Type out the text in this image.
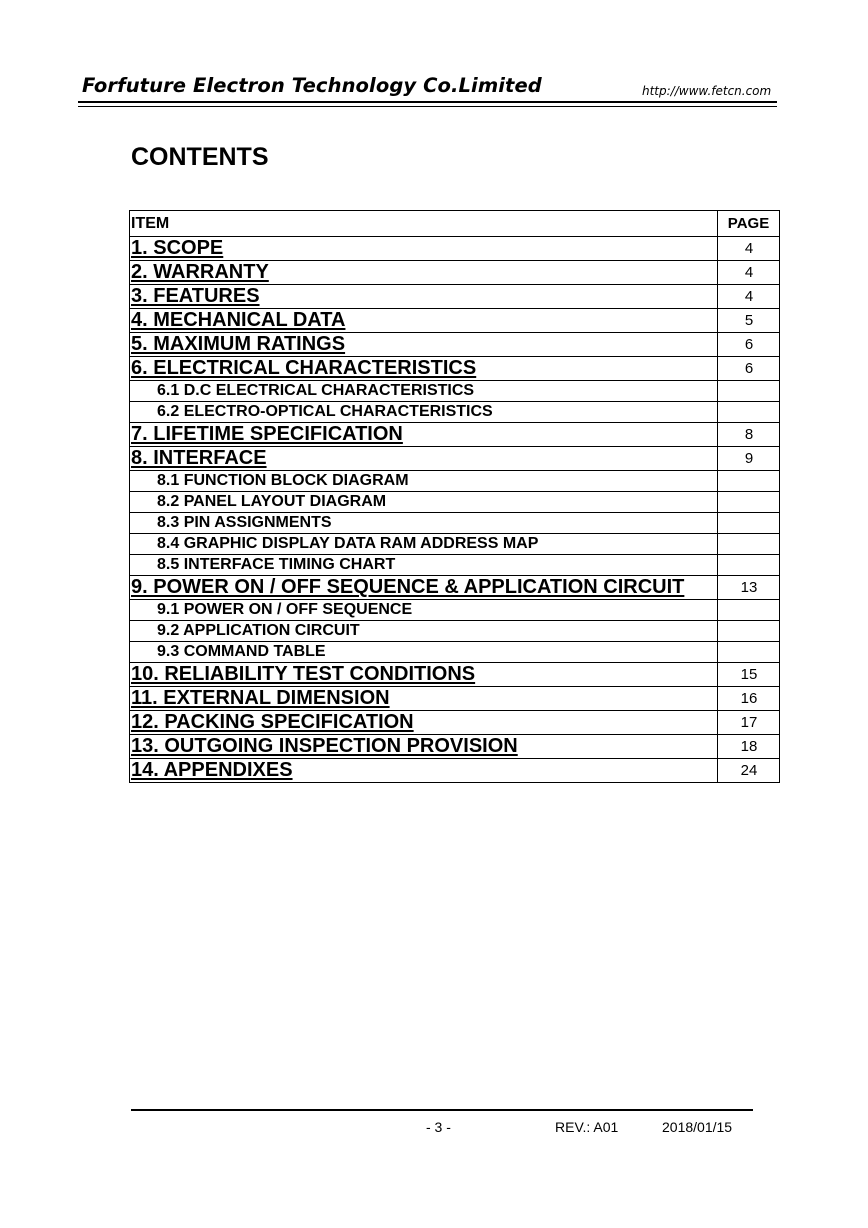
Forfuture Electron Technology Co.Limited	http://www.fetcn.com
CONTENTS
ITEM	PAGE
1. SCOPE	4
2. WARRANTY	4
3. FEATURES	4
4. MECHANICAL DATA	5
5. MAXIMUM RATINGS	6
6. ELECTRICAL CHARACTERISTICS	6
6.1 D.C ELECTRICAL CHARACTERISTICS	
6.2 ELECTRO-OPTICAL CHARACTERISTICS	
7. LIFETIME SPECIFICATION	8
8. INTERFACE	9
8.1 FUNCTION BLOCK DIAGRAM	
8.2 PANEL LAYOUT DIAGRAM	
8.3 PIN ASSIGNMENTS	
8.4 GRAPHIC DISPLAY DATA RAM ADDRESS MAP	
8.5 INTERFACE TIMING CHART	
9. POWER ON / OFF SEQUENCE & APPLICATION CIRCUIT	13
9.1 POWER ON / OFF SEQUENCE	
9.2 APPLICATION CIRCUIT	
9.3 COMMAND TABLE	
10. RELIABILITY TEST CONDITIONS	15
11. EXTERNAL DIMENSION	16
12. PACKING SPECIFICATION	17
13. OUTGOING INSPECTION PROVISION	18
14. APPENDIXES	24
- 3 -	REV.: A01	2018/01/15
